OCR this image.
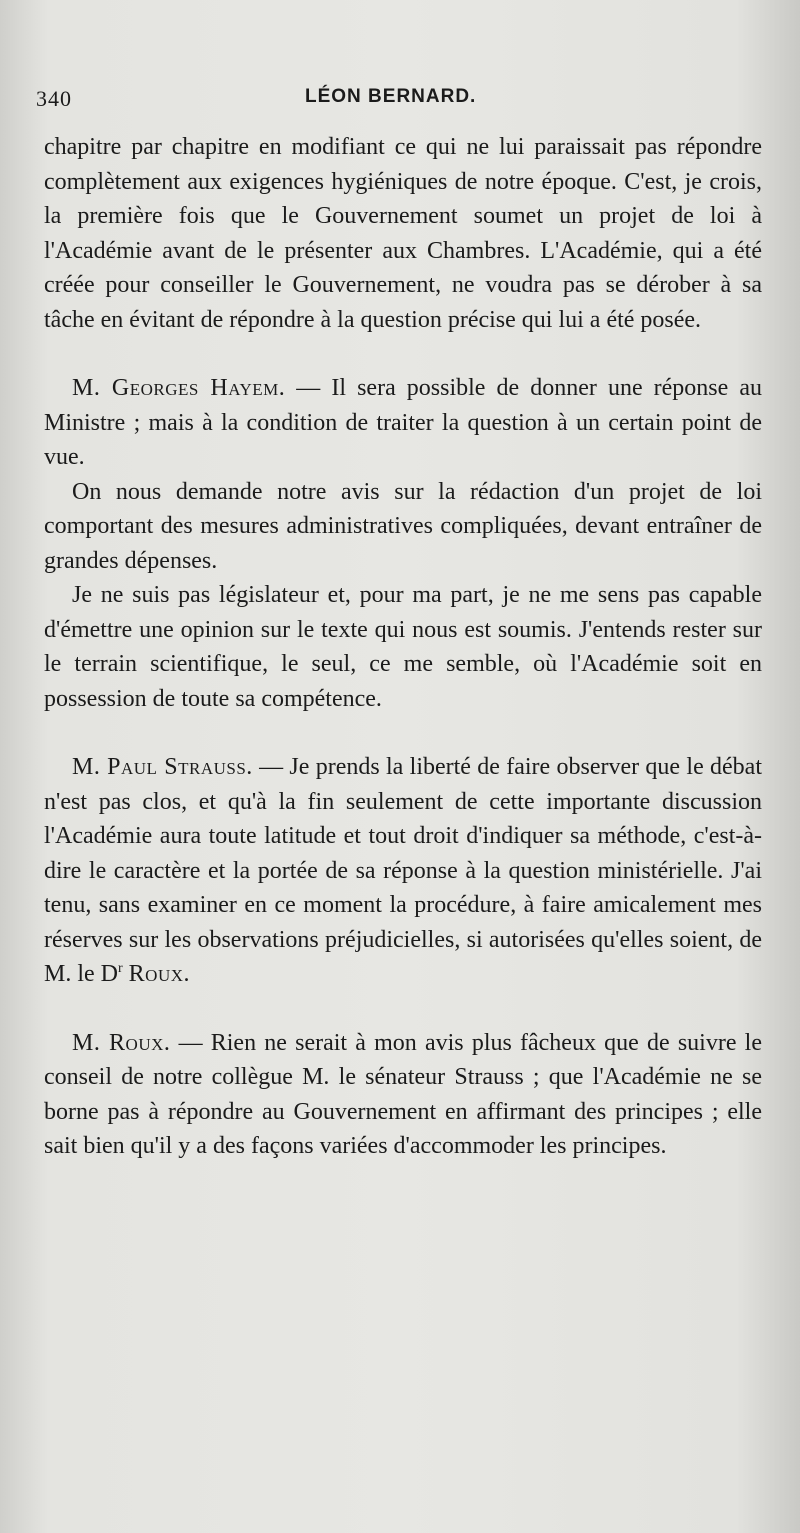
340	LÉON BERNARD.

chapitre par chapitre en modifiant ce qui ne lui paraissait pas répondre complètement aux exigences hygiéniques de notre époque. C'est, je crois, la première fois que le Gouvernement soumet un projet de loi à l'Académie avant de le présenter aux Chambres. L'Académie, qui a été créée pour conseiller le Gouvernement, ne voudra pas se dérober à sa tâche en évitant de répondre à la question précise qui lui a été posée.

M. Georges Hayem. — Il sera possible de donner une réponse au Ministre ; mais à la condition de traiter la question à un certain point de vue.

On nous demande notre avis sur la rédaction d'un projet de loi comportant des mesures administratives compliquées, devant entraîner de grandes dépenses.

Je ne suis pas législateur et, pour ma part, je ne me sens pas capable d'émettre une opinion sur le texte qui nous est soumis. J'entends rester sur le terrain scientifique, le seul, ce me semble, où l'Académie soit en possession de toute sa compétence.

M. Paul Strauss. — Je prends la liberté de faire observer que le débat n'est pas clos, et qu'à la fin seulement de cette importante discussion l'Académie aura toute latitude et tout droit d'indiquer sa méthode, c'est-à-dire le caractère et la portée de sa réponse à la question ministérielle. J'ai tenu, sans examiner en ce moment la procédure, à faire amicalement mes réserves sur les observations préjudicielles, si autorisées qu'elles soient, de M. le $D^r$ Roux.

M. Roux. — Rien ne serait à mon avis plus fâcheux que de suivre le conseil de notre collègue M. le sénateur Strauss ; que l'Académie ne se borne pas à répondre au Gouvernement en affirmant des principes ; elle sait bien qu'il y a des façons variées d'accommoder les principes.
